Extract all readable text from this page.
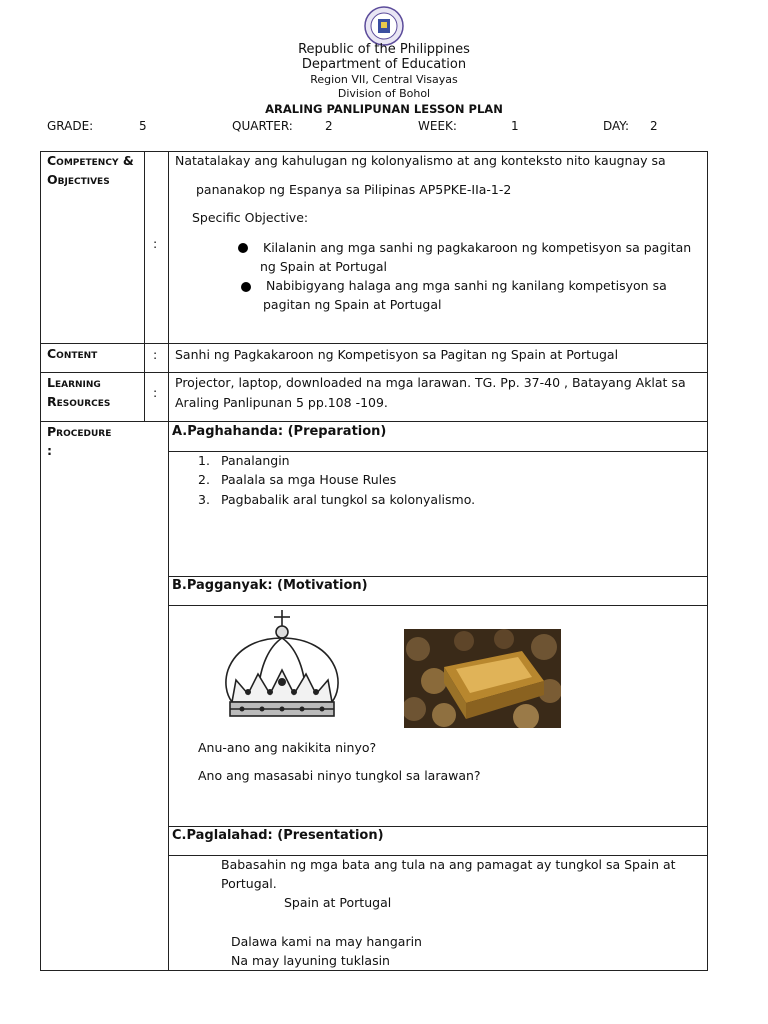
Republic of the Philippines
Department of Education
Region VII, Central Visayas
Division of Bohol
ARALING PANLIPUNAN LESSON PLAN
GRADE:	5	QUARTER:	2	WEEK:	1	DAY: 2
Competency &
Objectives
:
Natatalakay ang kahulugan ng kolonyalismo at ang konteksto nito kaugnay sa
pananakop ng Espanya sa Pilipinas AP5PKE-IIa-1-2
Specific Objective:
Kilalanin ang mga sanhi ng pagkakaroon ng kompetisyon sa pagitan
ng Spain at Portugal
Nabibigyang halaga ang mga sanhi ng kanilang kompetisyon sa
pagitan ng Spain at Portugal
Content	: Sanhi ng Pagkakaroon ng Kompetisyon sa Pagitan ng Spain at Portugal
Learning
Resources
:
Projector, laptop, downloaded na mga larawan. TG. Pp. 37-40 , Batayang Aklat sa
Araling Panlipunan 5 pp.108 -109.
Procedure
:
A.Paghahanda: (Preparation)
1. Panalangin
2. Paalala sa mga House Rules
3. Pagbabalik aral tungkol sa kolonyalismo.
B.Pagganyak: (Motivation)
Anu-ano ang nakikita ninyo?
Ano ang masasabi ninyo tungkol sa larawan?
C.Paglalahad: (Presentation)
Babasahin ng mga bata ang tula na ang pamagat ay tungkol sa Spain at
Portugal.
Spain at Portugal
Dalawa kami na may hangarin
Na may layuning tuklasin
